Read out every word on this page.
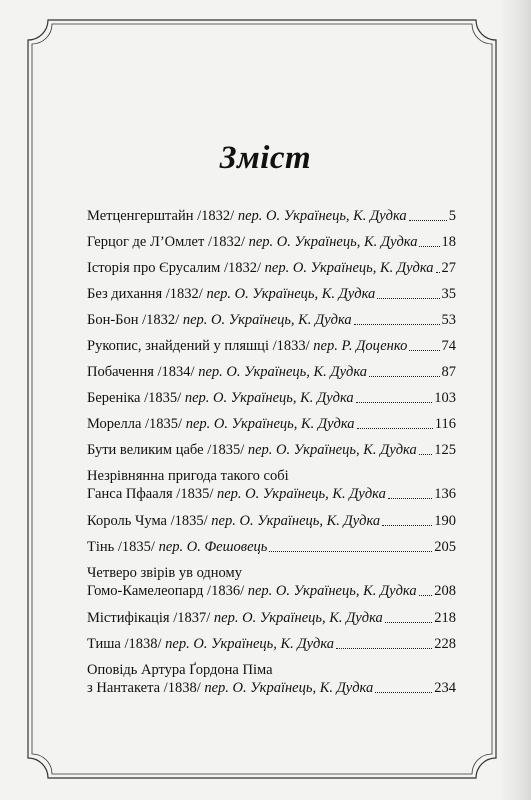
Зміст
Метценгерштайн /1832/ пер. О. Українець, К. Дудка	5
Герцог де Л’Омлет /1832/ пер. О. Українець, К. Дудка 18
Історія про Єрусалим /1832/ пер. О. Українець, К. Дудка 27
Без дихання /1832/ пер. О. Українець, К. Дудка	35
Бон-Бон /1832/ пер. О. Українець, К. Дудка	53
Рукопис, знайдений у пляшці /1833/ пер. Р. Доценко 74
Побачення /1834/ пер. О. Українець, К. Дудка	87
Береніка /1835/ пер. О. Українець, К. Дудка	103
Морелла /1835/ пер. О. Українець, К. Дудка	116
Бути великим цабе /1835/ пер. О. Українець, К. Дудка 125
Незрівнянна пригода такого собі
Ганса Пфааля /1835/ пер. О. Українець, К. Дудка	136
Король Чума /1835/ пер. О. Українець, К. Дудка	190
Тінь /1835/ пер. О. Фешовець	205
Четверо звірів ув одному
Гомо-Камелеопард /1836/ пер. О. Українець, К. Дудка 208
Містифікація /1837/ пер. О. Українець, К. Дудка	218
Тиша /1838/ пер. О. Українець, К. Дудка	228
Оповідь Артура Ґордона Піма
з Нантакета /1838/ пер. О. Українець, К. Дудка	234
